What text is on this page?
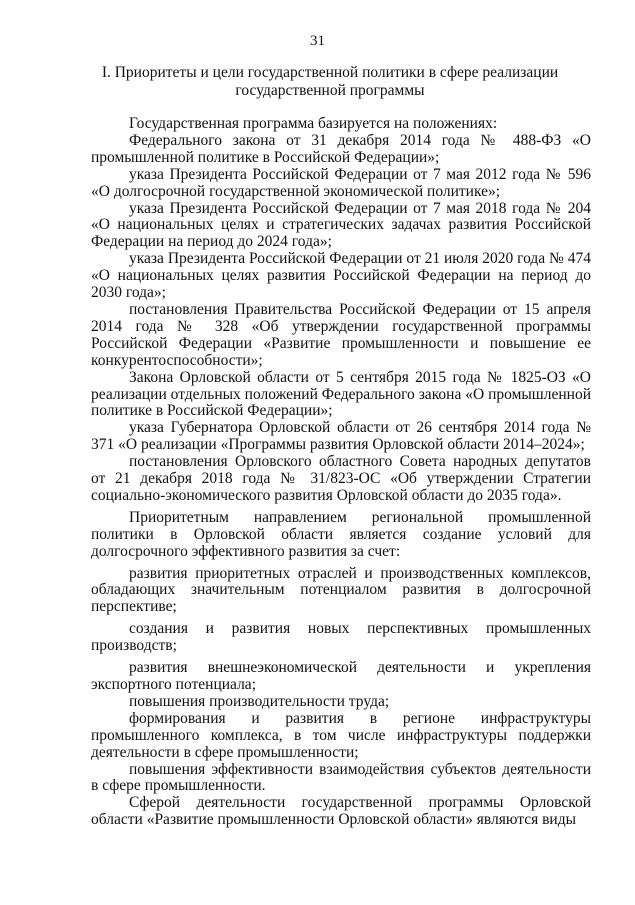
31
I. Приоритеты и цели государственной политики в сфере реализации
государственной программы

Государственная программа базируется на положениях:

Федерального закона от 31 декабря 2014 года № 488-ФЗ «О промышленной политике в Российской Федерации»;

указа Президента Российской Федерации от 7 мая 2012 года № 596 «О долгосрочной государственной экономической политике»;

указа Президента Российской Федерации от 7 мая 2018 года № 204 «О национальных целях и стратегических задачах развития Российской Федерации на период до 2024 года»;

указа Президента Российской Федерации от 21 июля 2020 года № 474 «О национальных целях развития Российской Федерации на период до 2030 года»;

постановления Правительства Российской Федерации от 15 апреля 2014 года № 328 «Об утверждении государственной программы Российской Федерации «Развитие промышленности и повышение ее конкурентоспособности»;

Закона Орловской области от 5 сентября 2015 года № 1825-ОЗ «О реализации отдельных положений Федерального закона «О промышленной политике в Российской Федерации»;

указа Губернатора Орловской области от 26 сентября 2014 года № 371 «О реализации «Программы развития Орловской области 2014–2024»;

постановления Орловского областного Совета народных депутатов от 21 декабря 2018 года № 31/823-ОС «Об утверждении Стратегии социально-экономического развития Орловской области до 2035 года».

Приоритетным направлением региональной промышленной политики в Орловской области является создание условий для долгосрочного эффективного развития за счет:

развития приоритетных отраслей и производственных комплексов, обладающих значительным потенциалом развития в долгосрочной перспективе;

создания и развития новых перспективных промышленных производств;

развития внешнеэкономической деятельности и укрепления экспортного потенциала;

повышения производительности труда;

формирования и развития в регионе инфраструктуры промышленного комплекса, в том числе инфраструктуры поддержки деятельности в сфере промышленности;

повышения эффективности взаимодействия субъектов деятельности в сфере промышленности.

Сферой деятельности государственной программы Орловской области «Развитие промышленности Орловской области» являются виды
